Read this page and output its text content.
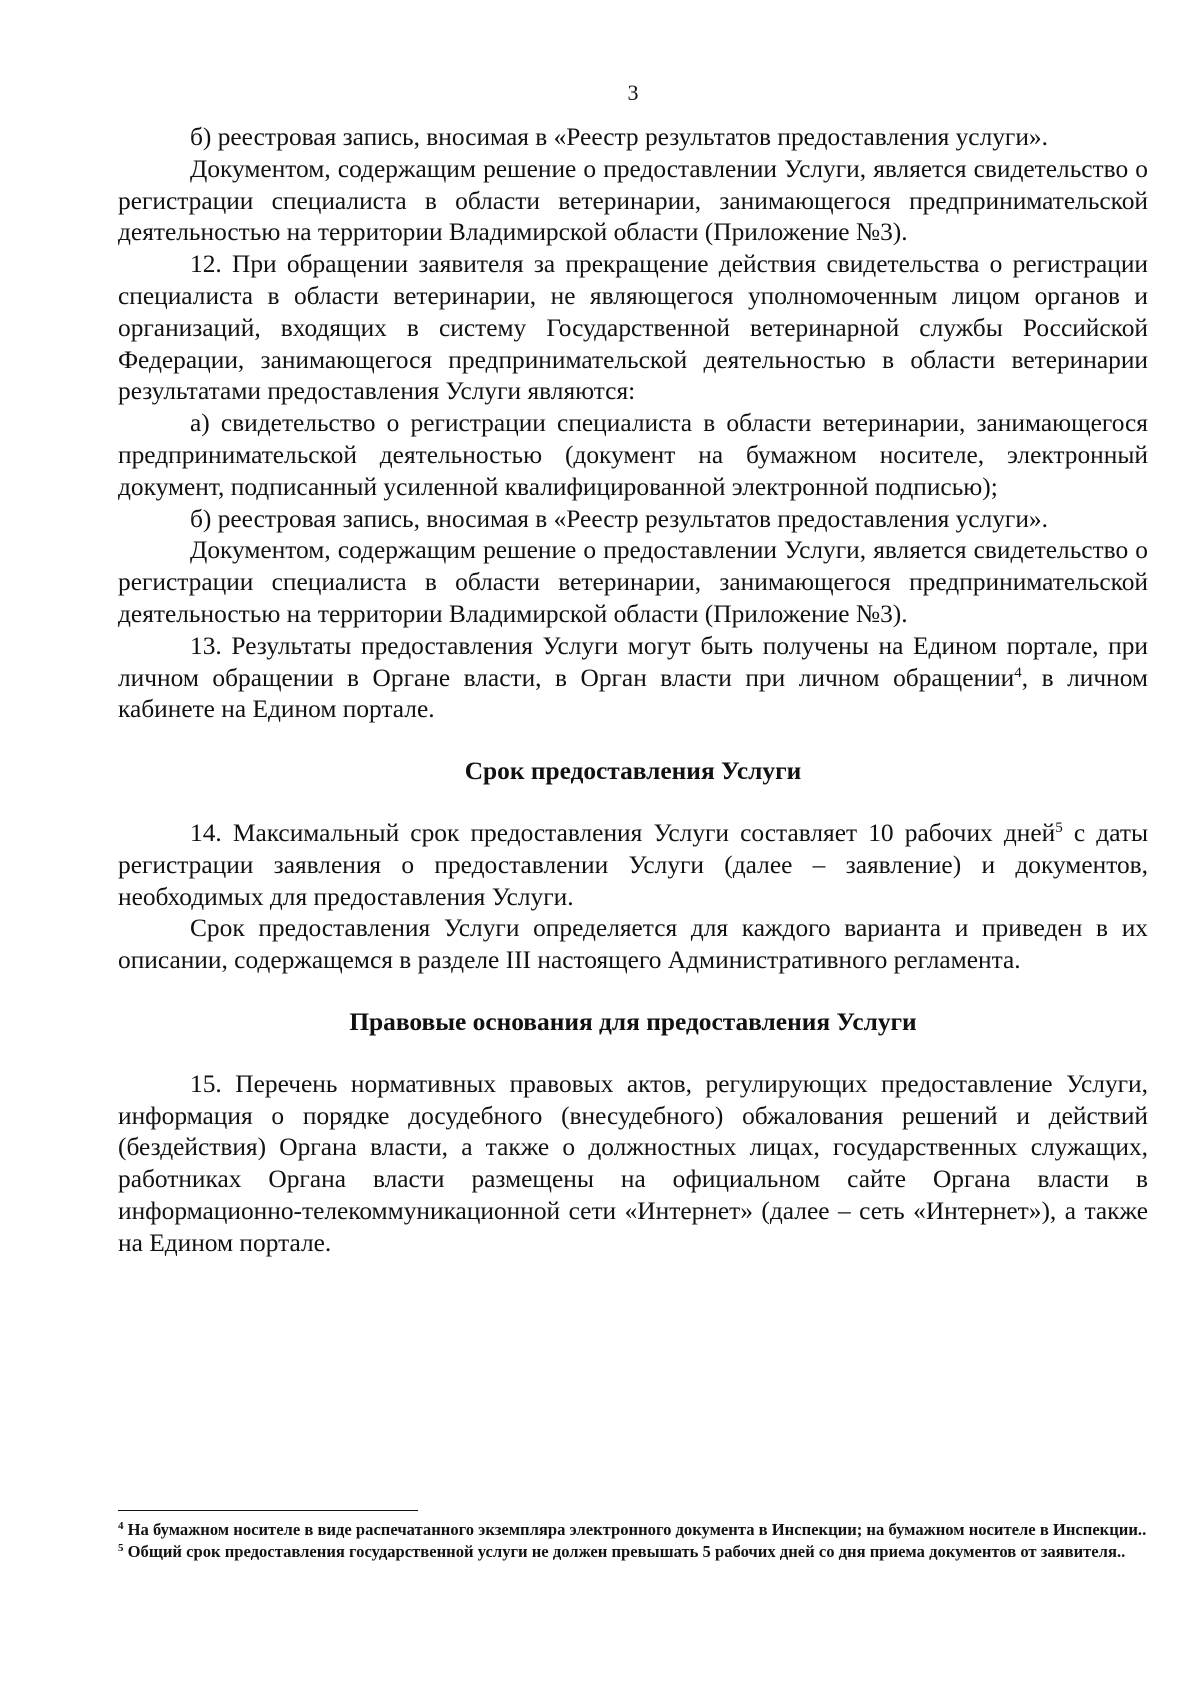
3

б) реестровая запись, вносимая в «Реестр результатов предоставления услуги».

Документом, содержащим решение о предоставлении Услуги, является свидетельство о регистрации специалиста в области ветеринарии, занимающегося предпринимательской деятельностью на территории Владимирской области (Приложение №3).

12. При обращении заявителя за прекращение действия свидетельства о регистрации специалиста в области ветеринарии, не являющегося уполномоченным лицом органов и организаций, входящих в систему Государственной ветеринарной службы Российской Федерации, занимающегося предпринимательской деятельностью в области ветеринарии результатами предоставления Услуги являются:

а) свидетельство о регистрации специалиста в области ветеринарии, занимающегося предпринимательской деятельностью (документ на бумажном носителе, электронный документ, подписанный усиленной квалифицированной электронной подписью);

б) реестровая запись, вносимая в «Реестр результатов предоставления услуги».

Документом, содержащим решение о предоставлении Услуги, является свидетельство о регистрации специалиста в области ветеринарии, занимающегося предпринимательской деятельностью на территории Владимирской области (Приложение №3).

13. Результаты предоставления Услуги могут быть получены на Едином портале, при личном обращении в Органе власти, в Орган власти при личном обращении$^4$, в личном кабинете на Едином портале.

Срок предоставления Услуги

14. Максимальный срок предоставления Услуги составляет 10 рабочих дней$^5$ с даты регистрации заявления о предоставлении Услуги (далее – заявление) и документов, необходимых для предоставления Услуги.

Срок предоставления Услуги определяется для каждого варианта и приведен в их описании, содержащемся в разделе III настоящего Административного регламента.

Правовые основания для предоставления Услуги

15. Перечень нормативных правовых актов, регулирующих предоставление Услуги, информация о порядке досудебного (внесудебного) обжалования решений и действий (бездействия) Органа власти, а также о должностных лицах, государственных служащих, работниках Органа власти размещены на официальном сайте Органа власти в информационно-телекоммуникационной сети «Интернет» (далее – сеть «Интернет»), а также на Едином портале.

$^4$ На бумажном носителе в виде распечатанного экземпляра электронного документа в Инспекции; на бумажном носителе в Инспекции..

$^5$ Общий срок предоставления государственной услуги не должен превышать 5 рабочих дней со дня приема документов от заявителя..
